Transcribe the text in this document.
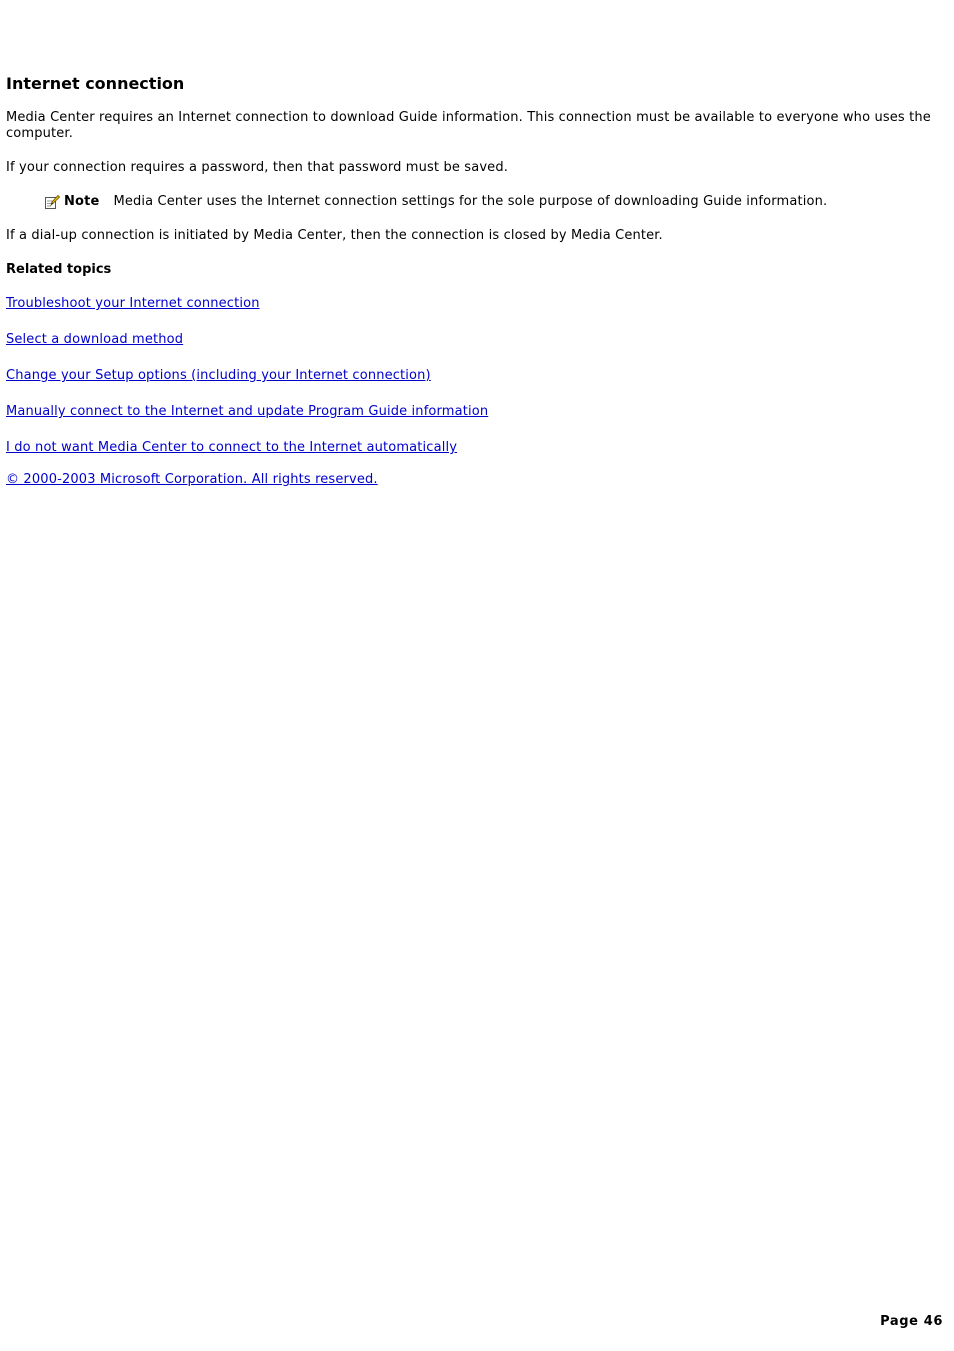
Internet connection

Media Center requires an Internet connection to download Guide information. This connection must be available to everyone who uses the computer.

If your connection requires a password, then that password must be saved.

Note Media Center uses the Internet connection settings for the sole purpose of downloading Guide information.

If a dial-up connection is initiated by Media Center, then the connection is closed by Media Center.

Related topics
Troubleshoot your Internet connection
Select a download method
Change your Setup options (including your Internet connection)
Manually connect to the Internet and update Program Guide information
I do not want Media Center to connect to the Internet automatically
© 2000-2003 Microsoft Corporation. All rights reserved.
Page 46
